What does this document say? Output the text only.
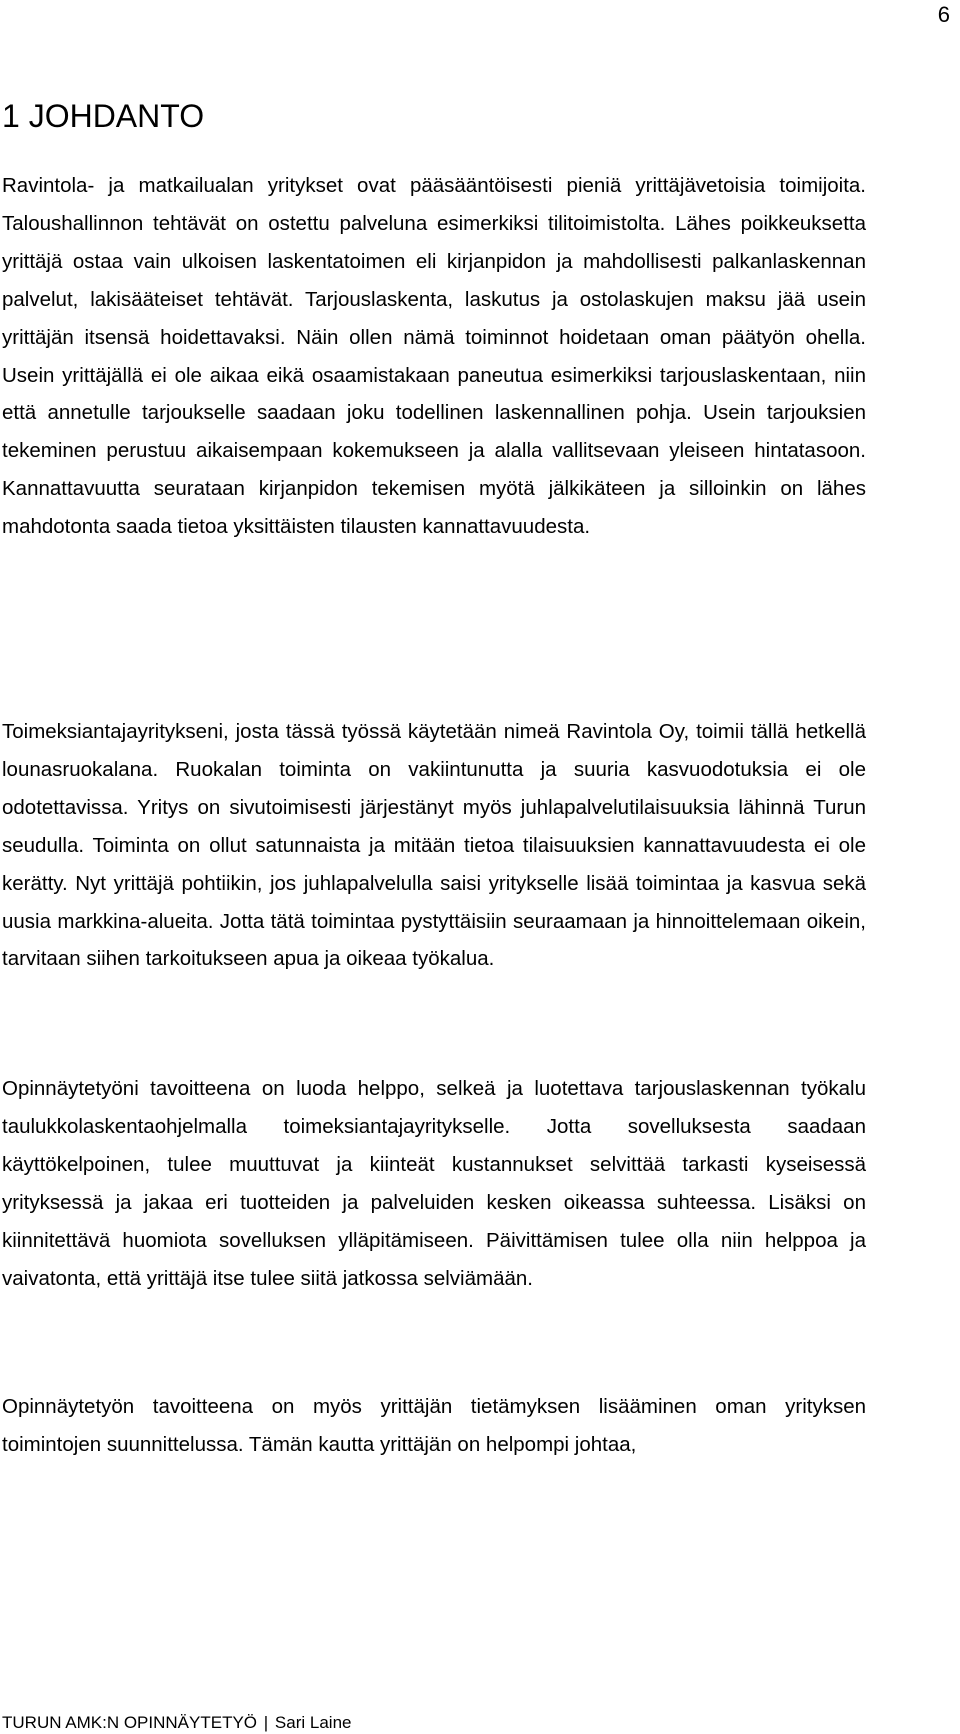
6
1 JOHDANTO

Ravintola- ja matkailualan yritykset ovat pääsääntöisesti pieniä yrittäjävetoisia toimijoita. Taloushallinnon tehtävät on ostettu palveluna esimerkiksi tilitoimistolta. Lähes poikkeuksetta yrittäjä ostaa vain ulkoisen laskentatoimen eli kirjanpidon ja mahdollisesti palkanlaskennan palvelut, lakisääteiset tehtävät. Tarjouslaskenta, laskutus ja ostolaskujen maksu jää usein yrittäjän itsensä hoidettavaksi. Näin ollen nämä toiminnot hoidetaan oman päätyön ohella. Usein yrittäjällä ei ole aikaa eikä osaamistakaan paneutua esimerkiksi tarjouslaskentaan, niin että annetulle tarjoukselle saadaan joku todellinen laskennallinen pohja. Usein tarjouksien tekeminen perustuu aikaisempaan kokemukseen ja alalla vallitsevaan yleiseen hintatasoon. Kannattavuutta seurataan kirjanpidon tekemisen myötä jälkikäteen ja silloinkin on lähes mahdotonta saada tietoa yksittäisten tilausten kannattavuudesta.

Toimeksiantajayritykseni, josta tässä työssä käytetään nimeä Ravintola Oy, toimii tällä hetkellä lounasruokalana. Ruokalan toiminta on vakiintunutta ja suuria kasvuodotuksia ei ole odotettavissa. Yritys on sivutoimisesti järjestänyt myös juhlapalvelutilaisuuksia lähinnä Turun seudulla. Toiminta on ollut satunnaista ja mitään tietoa tilaisuuksien kannattavuudesta ei ole kerätty. Nyt yrittäjä pohtiikin, jos juhlapalvelulla saisi yritykselle lisää toimintaa ja kasvua sekä uusia markkina-alueita. Jotta tätä toimintaa pystyttäisiin seuraamaan ja hinnoittelemaan oikein, tarvitaan siihen tarkoitukseen apua ja oikeaa työkalua.

Opinnäytetyöni tavoitteena on luoda helppo, selkeä ja luotettava tarjouslaskennan työkalu taulukkolaskentaohjelmalla toimeksiantajayritykselle. Jotta sovelluksesta saadaan käyttökelpoinen, tulee muuttuvat ja kiinteät kustannukset selvittää tarkasti kyseisessä yrityksessä ja jakaa eri tuotteiden ja palveluiden kesken oikeassa suhteessa. Lisäksi on kiinnitettävä huomiota sovelluksen ylläpitämiseen. Päivittämisen tulee olla niin helppoa ja vaivatonta, että yrittäjä itse tulee siitä jatkossa selviämään.

Opinnäytetyön tavoitteena on myös yrittäjän tietämyksen lisääminen oman yrityksen toimintojen suunnittelussa. Tämän kautta yrittäjän on helpompi johtaa,

TURUN AMK:N OPINNÄYTETYÖ | Sari Laine
